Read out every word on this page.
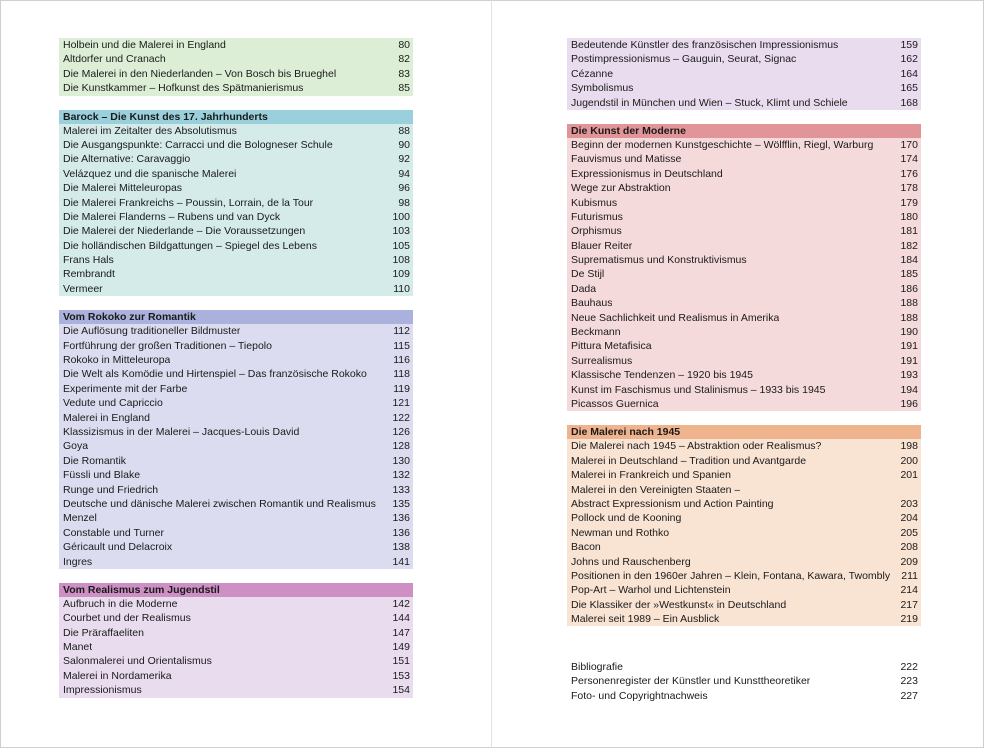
Holbein und die Malerei in England	80
Altdorfer und Cranach	82
Die Malerei in den Niederlanden – Von Bosch bis Brueghel	83
Die Kunstkammer – Hofkunst des Spätmanierismus	85
Barock – Die Kunst des 17. Jahrhunderts
Malerei im Zeitalter des Absolutismus	88
Die Ausgangspunkte: Carracci und die Bologneser Schule	90
Die Alternative: Caravaggio	92
Velázquez und die spanische Malerei	94
Die Malerei Mitteleuropas	96
Die Malerei Frankreichs – Poussin, Lorrain, de la Tour	98
Die Malerei Flanderns – Rubens und van Dyck	100
Die Malerei der Niederlande – Die Voraussetzungen	103
Die holländischen Bildgattungen – Spiegel des Lebens	105
Frans Hals	108
Rembrandt	109
Vermeer	110
Vom Rokoko zur Romantik
Die Auflösung traditioneller Bildmuster	112
Fortführung der großen Traditionen – Tiepolo	115
Rokoko in Mitteleuropa	116
Die Welt als Komödie und Hirtenspiel – Das französische Rokoko	118
Experimente mit der Farbe	119
Vedute und Capriccio	121
Malerei in England	122
Klassizismus in der Malerei – Jacques-Louis David	126
Goya	128
Die Romantik	130
Füssli und Blake	132
Runge und Friedrich	133
Deutsche und dänische Malerei zwischen Romantik und Realismus	135
Menzel	136
Constable und Turner	136
Géricault und Delacroix	138
Ingres	141
Vom Realismus zum Jugendstil
Aufbruch in die Moderne	142
Courbet und der Realismus	144
Die Präraffaeliten	147
Manet	149
Salonmalerei und Orientalismus	151
Malerei in Nordamerika	153
Impressionismus	154
Bedeutende Künstler des französischen Impressionismus	159
Postimpressionismus – Gauguin, Seurat, Signac	162
Cézanne	164
Symbolismus	165
Jugendstil in München und Wien – Stuck, Klimt und Schiele	168
Die Kunst der Moderne
Beginn der modernen Kunstgeschichte – Wölfflin, Riegl, Warburg	170
Fauvismus und Matisse	174
Expressionismus in Deutschland	176
Wege zur Abstraktion	178
Kubismus	179
Futurismus	180
Orphismus	181
Blauer Reiter	182
Suprematismus und Konstruktivismus	184
De Stijl	185
Dada	186
Bauhaus	188
Neue Sachlichkeit und Realismus in Amerika	188
Beckmann	190
Pittura Metafisica	191
Surrealismus	191
Klassische Tendenzen – 1920 bis 1945	193
Kunst im Faschismus und Stalinismus – 1933 bis 1945	194
Picassos Guernica	196
Die Malerei nach 1945
Die Malerei nach 1945 – Abstraktion oder Realismus?	198
Malerei in Deutschland – Tradition und Avantgarde	200
Malerei in Frankreich und Spanien	201
Malerei in den Vereinigten Staaten –
Abstract Expressionism und Action Painting	203
Pollock und de Kooning	204
Newman und Rothko	205
Bacon	208
Johns und Rauschenberg	209
Positionen in den 1960er Jahren – Klein, Fontana, Kawara, Twombly	211
Pop-Art – Warhol und Lichtenstein	214
Die Klassiker der »Westkunst« in Deutschland	217
Malerei seit 1989 – Ein Ausblick	219
Bibliografie	222
Personenregister der Künstler und Kunsttheoretiker	223
Foto- und Copyrightnachweis	227
